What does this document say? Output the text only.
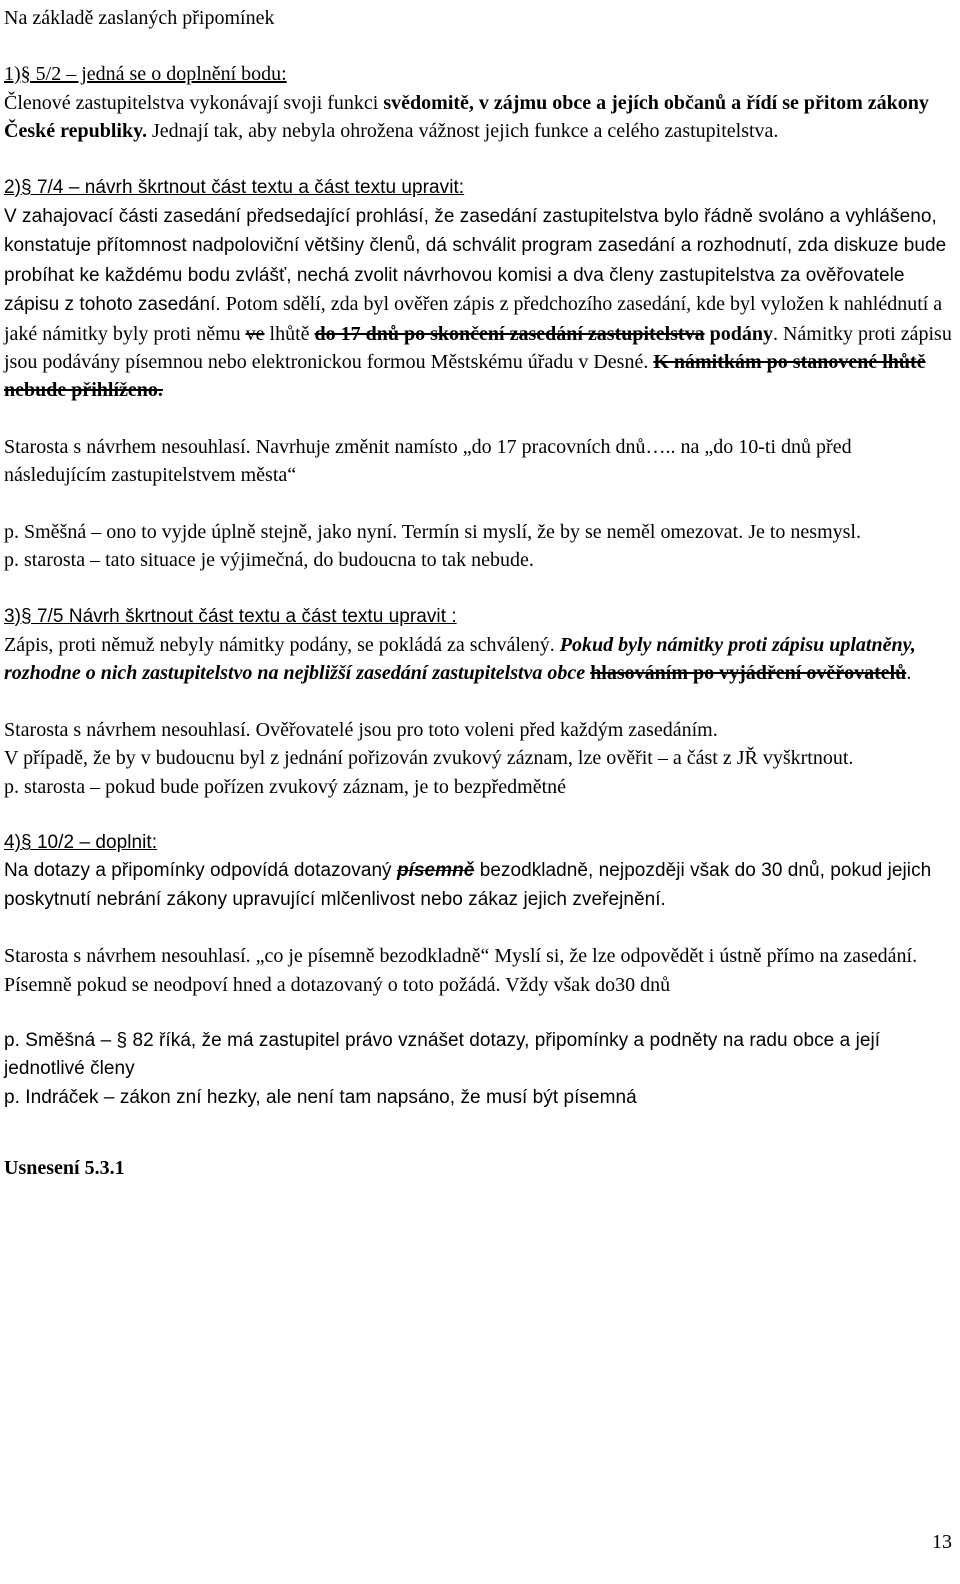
Na základě zaslaných připomínek

1)§ 5/2 – jedná se o doplnění bodu:

Členové zastupitelstva vykonávají svoji funkci svědomitě, v zájmu obce a jejích občanů a řídí se přitom zákony České republiky. Jednají tak, aby nebyla ohrožena vážnost jejich funkce a celého zastupitelstva.

2)§ 7/4 – návrh škrtnout část textu a část textu upravit:

V zahajovací části zasedání předsedající prohlásí, že zasedání zastupitelstva bylo řádně svoláno a vyhlášeno, konstatuje přítomnost nadpoloviční většiny členů, dá schválit program zasedání a rozhodnutí, zda diskuze bude probíhat ke každému bodu zvlášť, nechá zvolit návrhovou komisi a dva členy zastupitelstva za ověřovatele zápisu z tohoto zasedání. Potom sdělí, zda byl ověřen zápis z předchozího zasedání, kde byl vyložen k nahlédnutí a jaké námitky byly proti němu ve lhůtě do 17 dnů po skončení zasedání zastupitelstva podány. Námitky proti zápisu jsou podávány písemnou nebo elektronickou formou Městskému úřadu v Desné. K námitkám po stanovené lhůtě nebude přihlíženo.

Starosta s návrhem nesouhlasí. Navrhuje změnit namísto „do 17 pracovních dnů….. na „do 10-ti dnů před následujícím zastupitelstvem města“

p. Směšná – ono to vyjde úplně stejně, jako nyní. Termín si myslí, že by se neměl omezovat. Je to nesmysl.

p. starosta – tato situace je výjimečná, do budoucna to tak nebude.

3)§ 7/5 Návrh škrtnout část textu a část textu upravit :

Zápis, proti němuž nebyly námitky podány, se pokládá za schválený. Pokud byly námitky proti zápisu uplatněny, rozhodne o nich zastupitelstvo na nejbližší zasedání zastupitelstva obce hlasováním po vyjádření ověřovatelů.

Starosta s návrhem nesouhlasí. Ověřovatelé jsou pro toto voleni před každým zasedáním.

V případě, že by v budoucnu byl z jednání pořizován zvukový záznam, lze ověřit – a část z JŘ vyškrtnout.

p. starosta – pokud bude pořízen zvukový záznam, je to bezpředmětné

4)§ 10/2 – doplnit:

Na dotazy a připomínky odpovídá dotazovaný písemně bezodkladně, nejpozději však do 30 dnů, pokud jejich poskytnutí nebrání zákony upravující mlčenlivost nebo zákaz jejich zveřejnění.

Starosta s návrhem nesouhlasí. „co je písemně bezodkladně“ Myslí si, že lze odpovědět i ústně přímo na zasedání. Písemně pokud se neodpoví hned a dotazovaný o toto požádá. Vždy však do30 dnů

p. Směšná – § 82 říká, že má zastupitel právo vznášet dotazy, připomínky a podněty na radu obce a její jednotlivé členy

p. Indráček – zákon zní hezky, ale není tam napsáno, že musí být písemná

Usnesení 5.3.1

13
